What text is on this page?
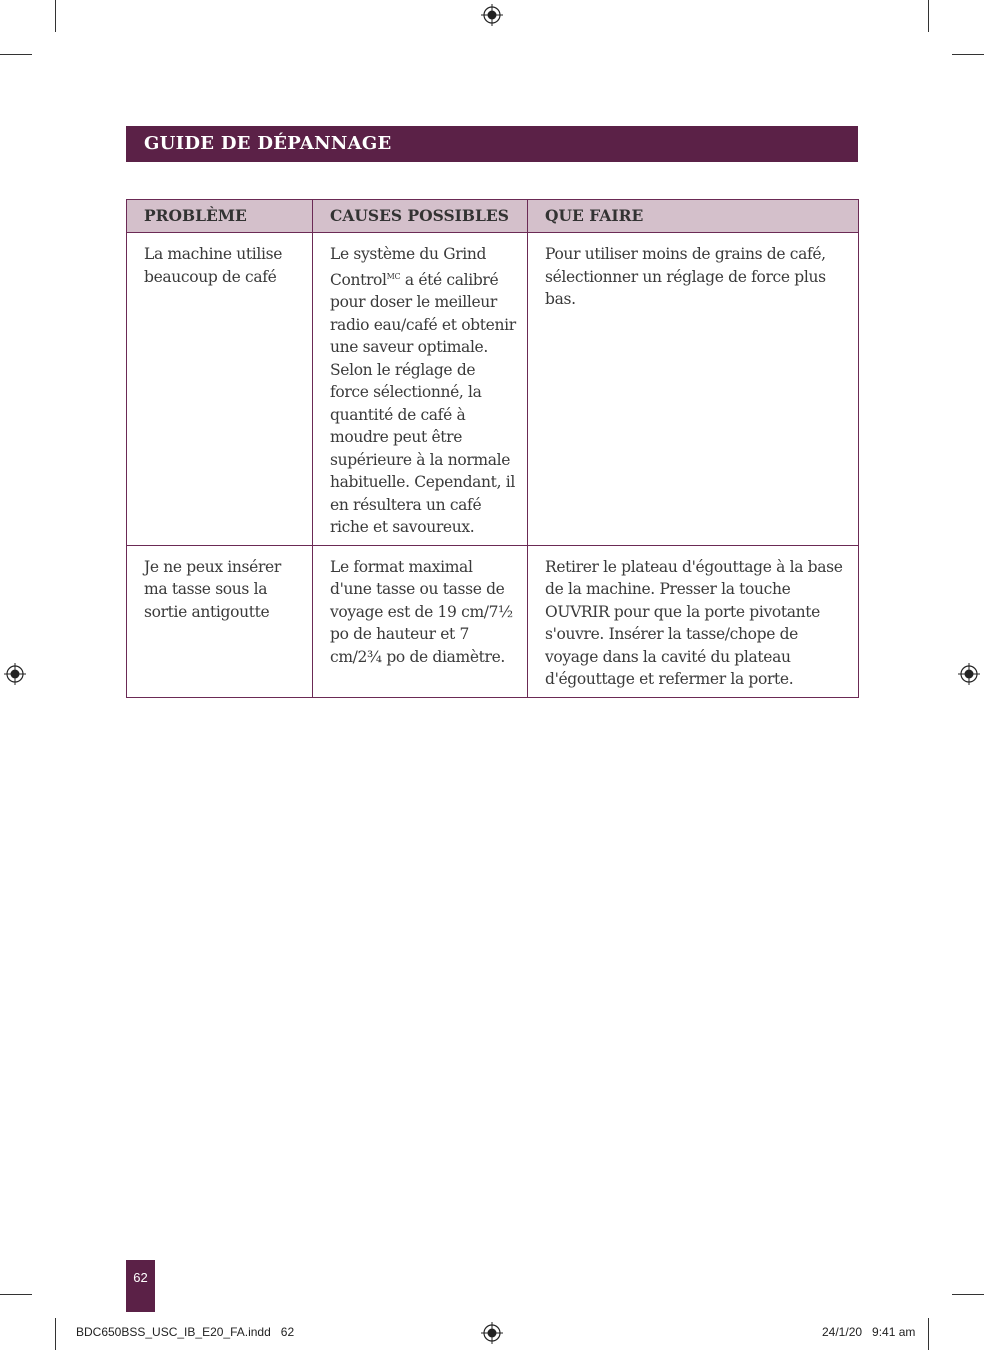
GUIDE DE DÉPANNAGE
PROBLÈME	CAUSES POSSIBLES	QUE FAIRE
La machine utilise beaucoup de café	Le système du Grind Control$^{MC}$ a été calibré pour doser le meilleur radio eau/café et obtenir une saveur optimale. Selon le réglage de force sélectionné, la quantité de café à moudre peut être supérieure à la normale habituelle. Cependant, il en résultera un café riche et savoureux.	Pour utiliser moins de grains de café, sélectionner un réglage de force plus bas.
Je ne peux insérer ma tasse sous la sortie antigoutte	Le format maximal d'une tasse ou tasse de voyage est de 19 cm/7½ po de hauteur et 7 cm/2¾ po de diamètre.	Retirer le plateau d'égouttage à la base de la machine. Presser la touche OUVRIR pour que la porte pivotante s'ouvre. Insérer la tasse/chope de voyage dans la cavité du plateau d'égouttage et refermer la porte.
62
BDC650BSS_USC_IB_E20_FA.indd   62	24/1/20   9:41 am
